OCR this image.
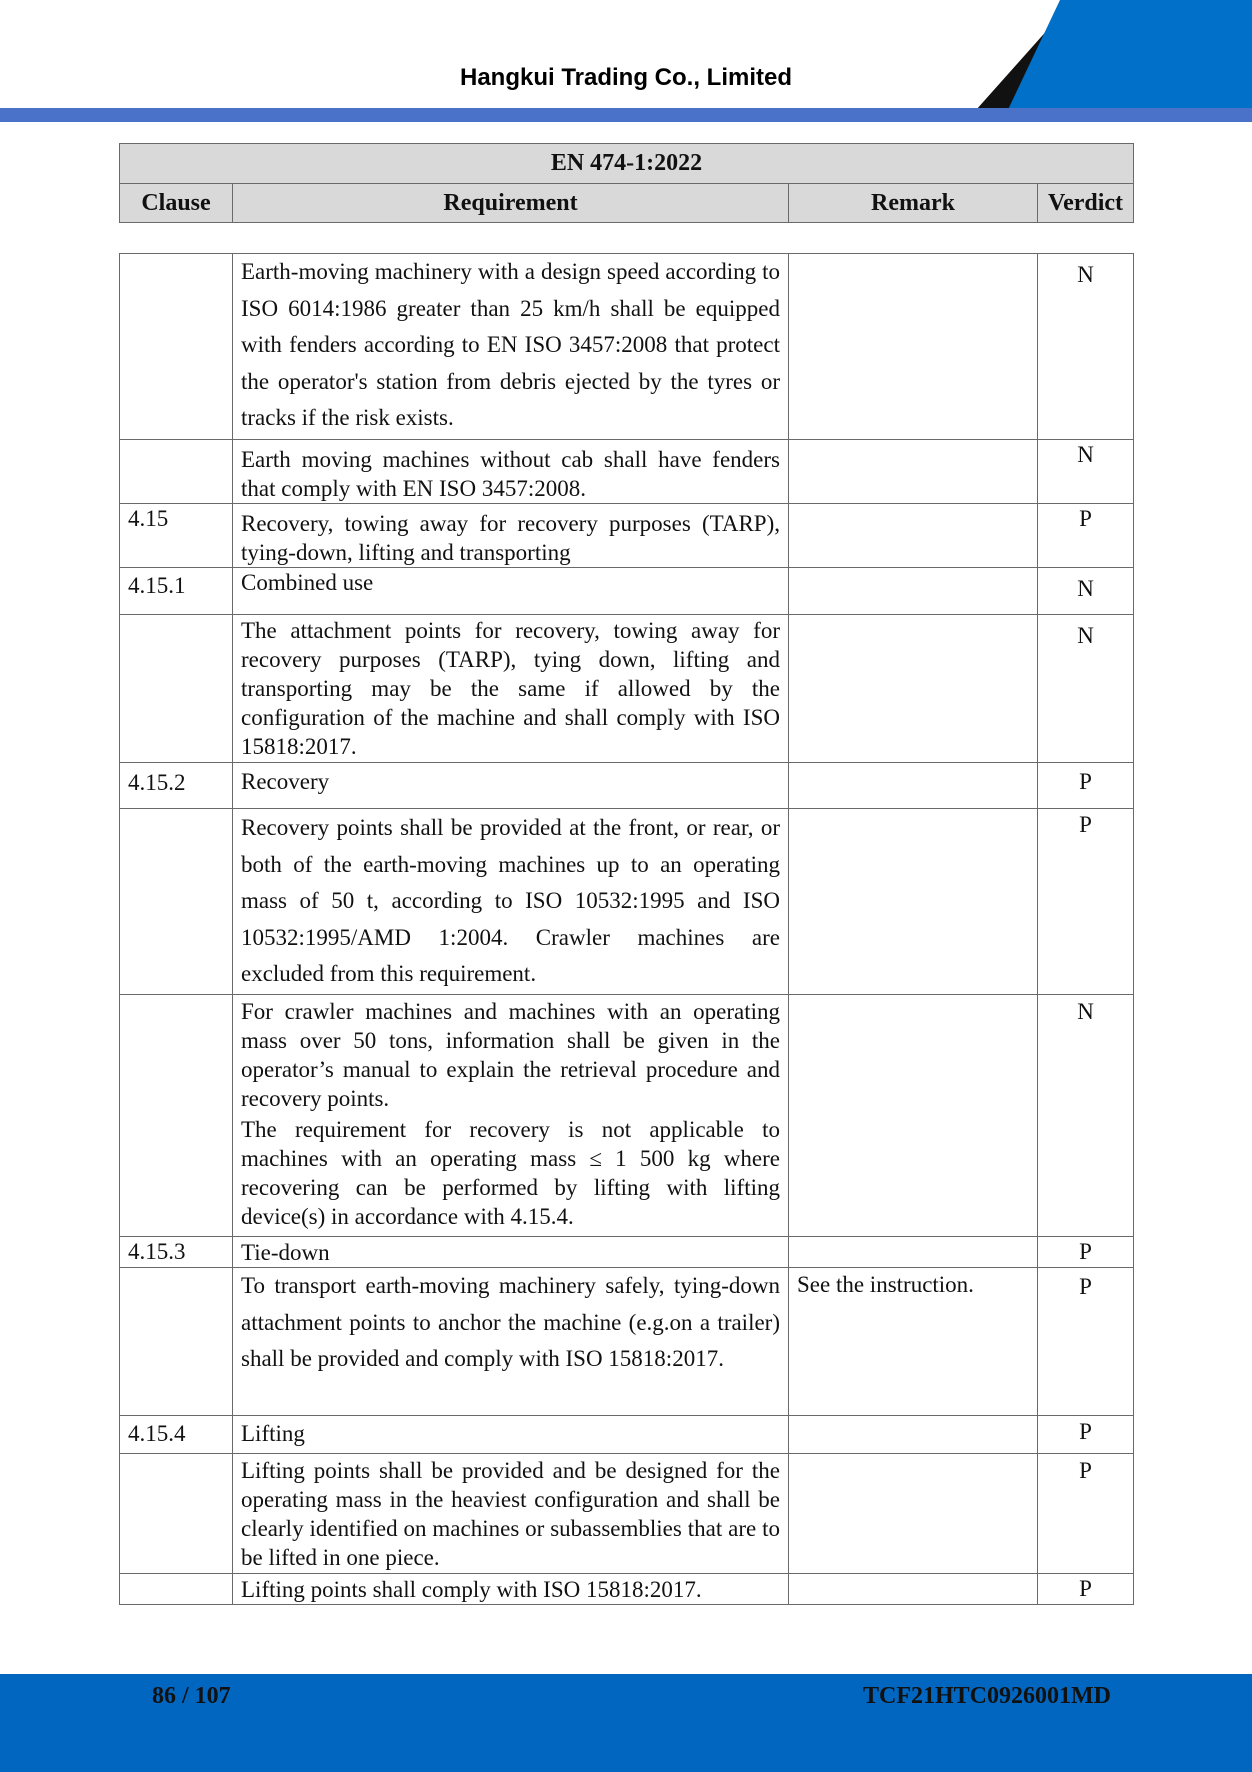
Hangkui Trading Co., Limited
EN 474-1:2022
Clause	Requirement	Remark	Verdict
	Earth-moving machinery with a design speed according to ISO 6014:1986 greater than 25 km/h shall be equipped with fenders according to EN ISO 3457:2008 that protect the operator's station from debris ejected by the tyres or tracks if the risk exists.		N
	Earth moving machines without cab shall have fenders that comply with EN ISO 3457:2008.		N
4.15	Recovery, towing away for recovery purposes (TARP), tying-down, lifting and transporting		P
4.15.1	Combined use		N
	The attachment points for recovery, towing away for recovery purposes (TARP), tying down, lifting and transporting may be the same if allowed by the configuration of the machine and shall comply with ISO 15818:2017.		N
4.15.2	Recovery		P
	Recovery points shall be provided at the front, or rear, or both of the earth-moving machines up to an operating mass of 50 t, according to ISO 10532:1995 and ISO 10532:1995/AMD 1:2004. Crawler machines are excluded from this requirement.		P

	For crawler machines and machines with an operating mass over 50 tons, information shall be given in the operator’s manual to explain the retrieval procedure and recovery points.
The requirement for recovery is not applicable to machines with an operating mass ≤ 1 500 kg where recovering can be performed by lifting with lifting device(s) in accordance with 4.15.4.		N
4.15.3	Tie-down		P
	To transport earth-moving machinery safely, tying-down attachment points to anchor the machine (e.g.on a trailer) shall be provided and comply with ISO 15818:2017.	See the instruction.	P
4.15.4	Lifting		P
	Lifting points shall be provided and be designed for the operating mass in the heaviest configuration and shall be clearly identified on machines or subassemblies that are to be lifted in one piece.		P
	Lifting points shall comply with ISO 15818:2017.		P
86 / 107	TCF21HTC0926001MD
